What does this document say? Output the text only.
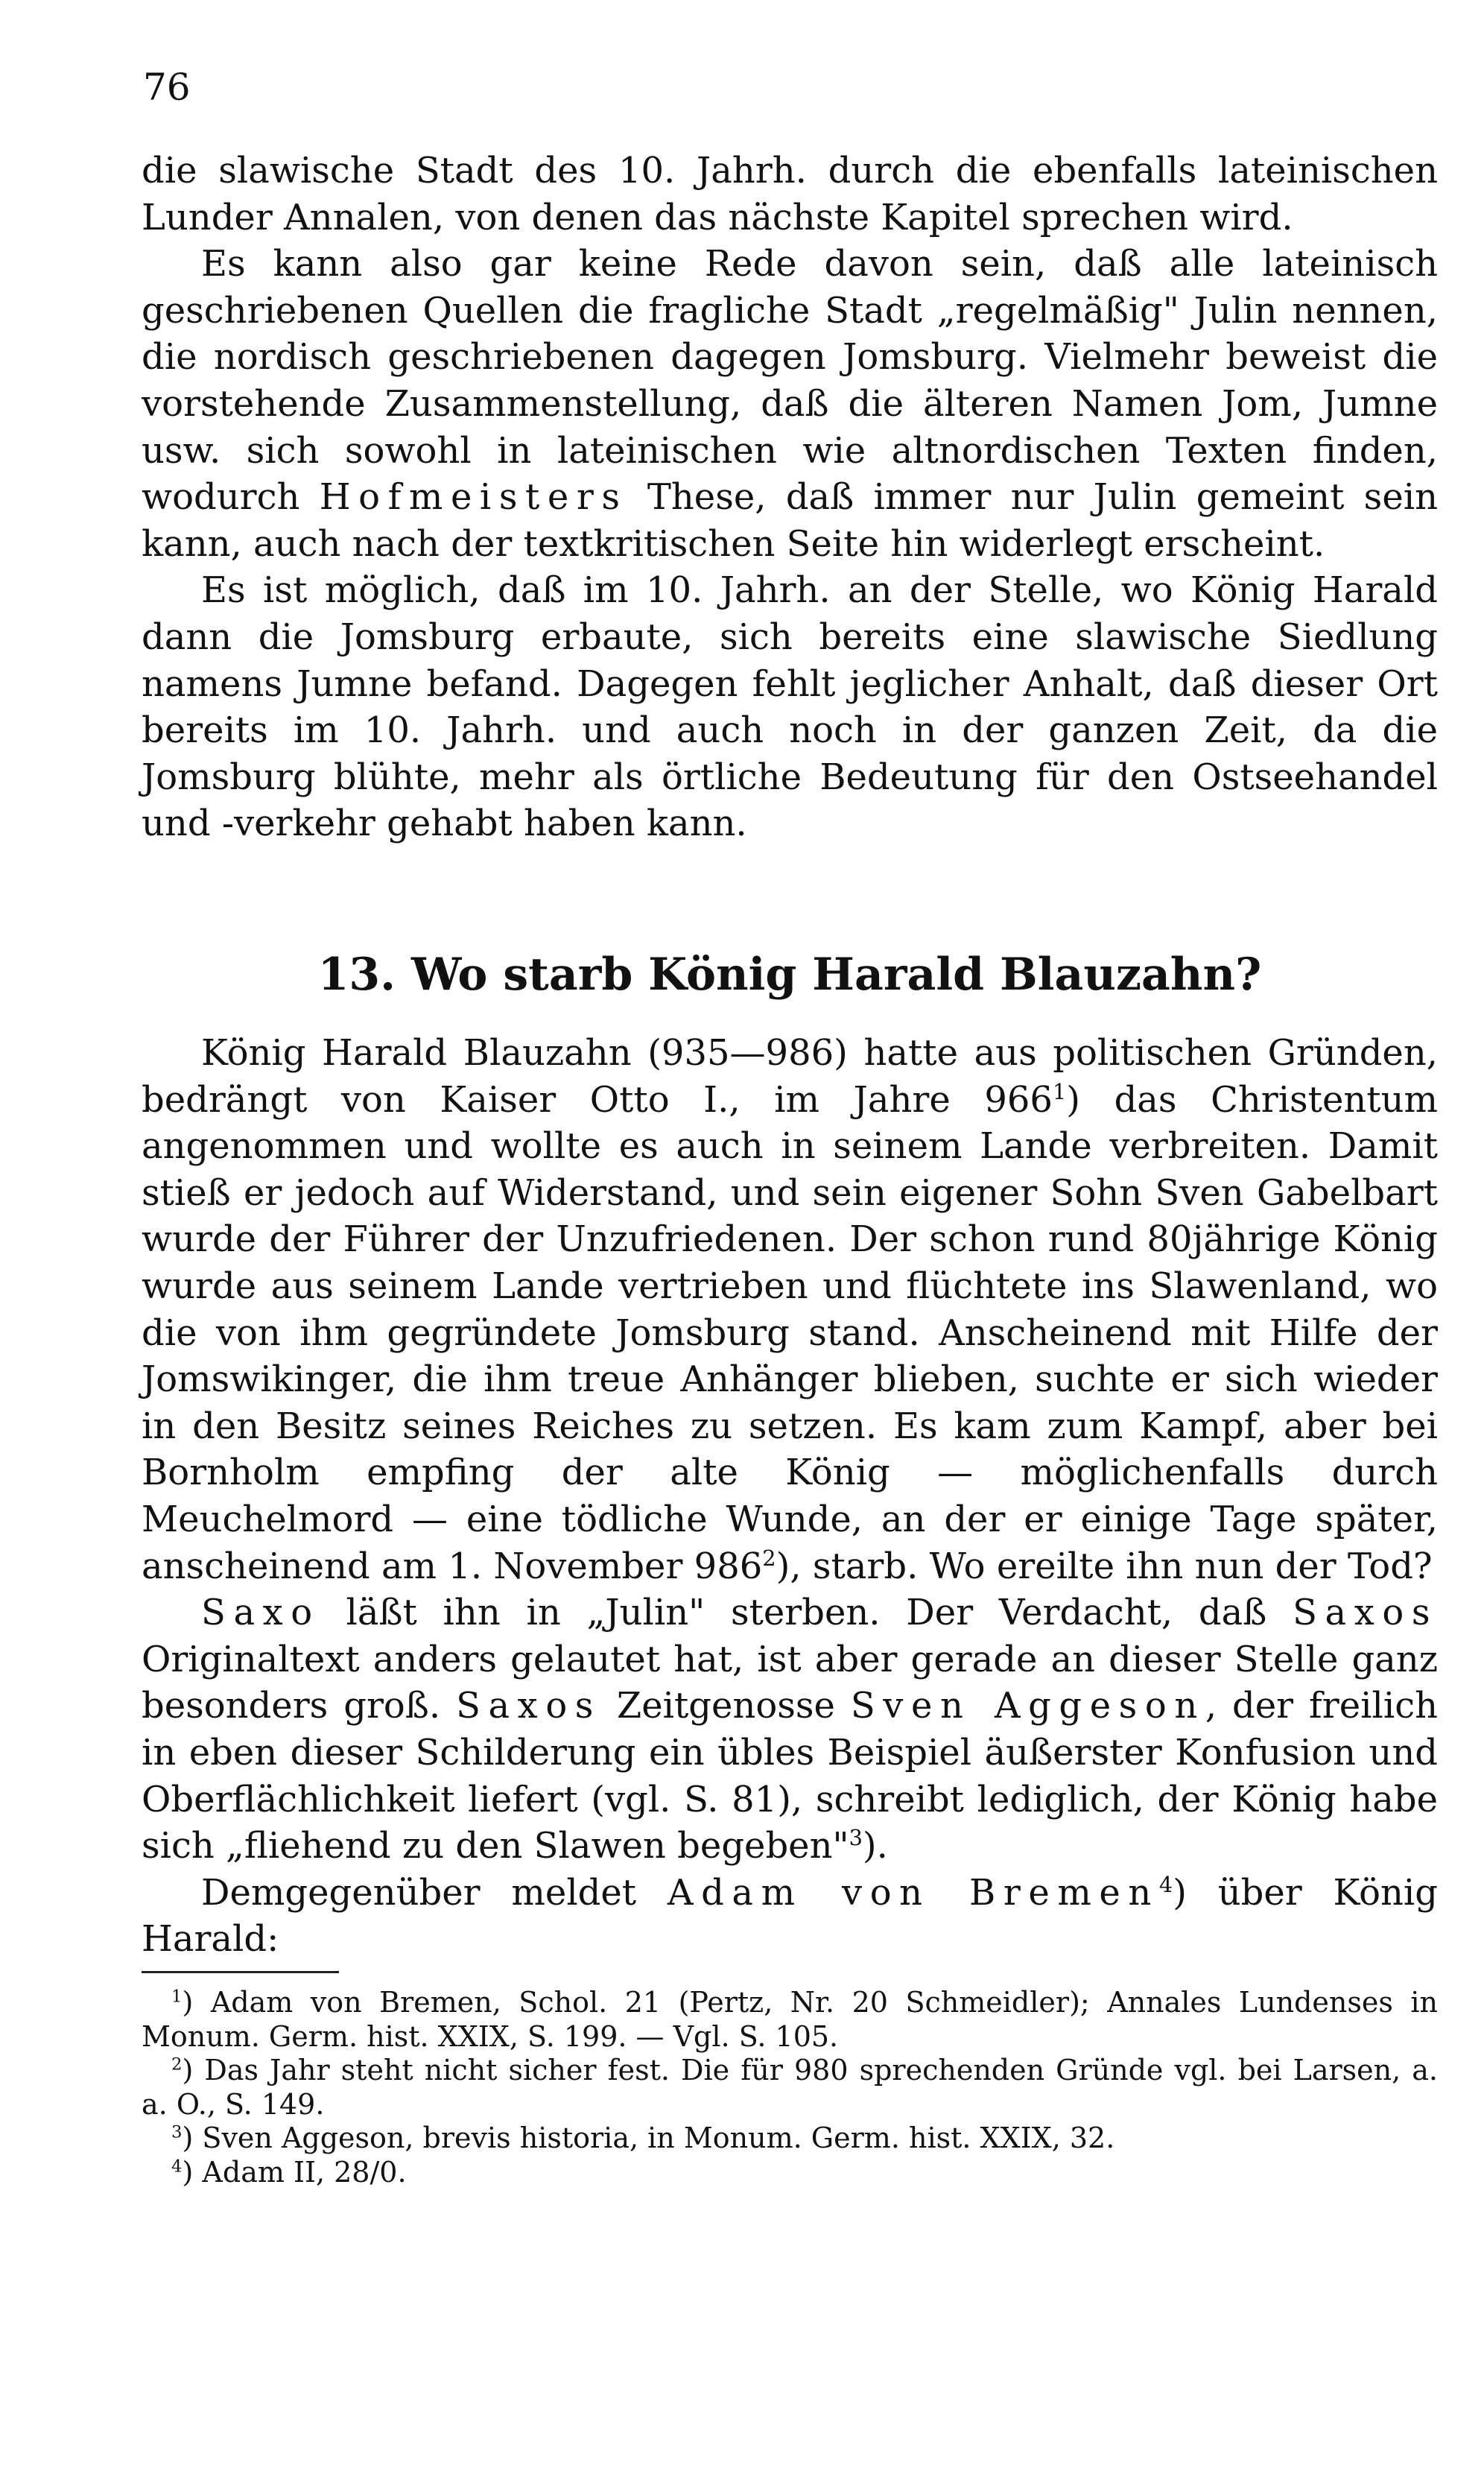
76

die slawische Stadt des 10. Jahrh. durch die ebenfalls lateinischen Lunder Annalen, von denen das nächste Kapitel sprechen wird.

Es kann also gar keine Rede davon sein, daß alle lateinisch geschriebenen Quellen die fragliche Stadt „regelmäßig" Julin nennen, die nordisch geschriebenen dagegen Jomsburg. Vielmehr beweist die vorstehende Zusammenstellung, daß die älteren Namen Jom, Jumne usw. sich sowohl in lateinischen wie altnordischen Texten finden, wodurch Hofmeisters These, daß immer nur Julin gemeint sein kann, auch nach der textkritischen Seite hin widerlegt erscheint.

Es ist möglich, daß im 10. Jahrh. an der Stelle, wo König Harald dann die Jomsburg erbaute, sich bereits eine slawische Siedlung namens Jumne befand. Dagegen fehlt jeglicher Anhalt, daß dieser Ort bereits im 10. Jahrh. und auch noch in der ganzen Zeit, da die Jomsburg blühte, mehr als örtliche Bedeutung für den Ostseehandel und -verkehr gehabt haben kann.

13. Wo starb König Harald Blauzahn?

König Harald Blauzahn (935—986) hatte aus politischen Gründen, bedrängt von Kaiser Otto I., im Jahre $966^1$) das Christentum angenommen und wollte es auch in seinem Lande verbreiten. Damit stieß er jedoch auf Widerstand, und sein eigener Sohn Sven Gabelbart wurde der Führer der Unzufriedenen. Der schon rund 80jährige König wurde aus seinem Lande vertrieben und flüchtete ins Slawenland, wo die von ihm gegründete Jomsburg stand. Anscheinend mit Hilfe der Jomswikinger, die ihm treue Anhänger blieben, suchte er sich wieder in den Besitz seines Reiches zu setzen. Es kam zum Kampf, aber bei Bornholm empfing der alte König — möglichenfalls durch Meuchelmord — eine tödliche Wunde, an der er einige Tage später, anscheinend am 1. November $986^2$), starb. Wo ereilte ihn nun der Tod?

Saxo läßt ihn in „Julin" sterben. Der Verdacht, daß Saxos Originaltext anders gelautet hat, ist aber gerade an dieser Stelle ganz besonders groß. Saxos Zeitgenosse Sven Aggeson, der freilich in eben dieser Schilderung ein übles Beispiel äußerster Konfusion und Oberflächlichkeit liefert (vgl. S. 81), schreibt lediglich, der König habe sich „fliehend zu den Slawen begeben"$^3$).

Demgegenüber meldet Adam von Bremen$^4$) über König Harald:

$^1$) Adam von Bremen, Schol. 21 (Pertz, Nr. 20 Schmeidler); Annales Lundenses in Monum. Germ. hist. XXIX, S. 199. — Vgl. S. 105.

$^2$) Das Jahr steht nicht sicher fest. Die für 980 sprechenden Gründe vgl. bei Larsen, a. a. O., S. 149.

$^3$) Sven Aggeson, brevis historia, in Monum. Germ. hist. XXIX, 32.

$^4$) Adam II, 28/0.
